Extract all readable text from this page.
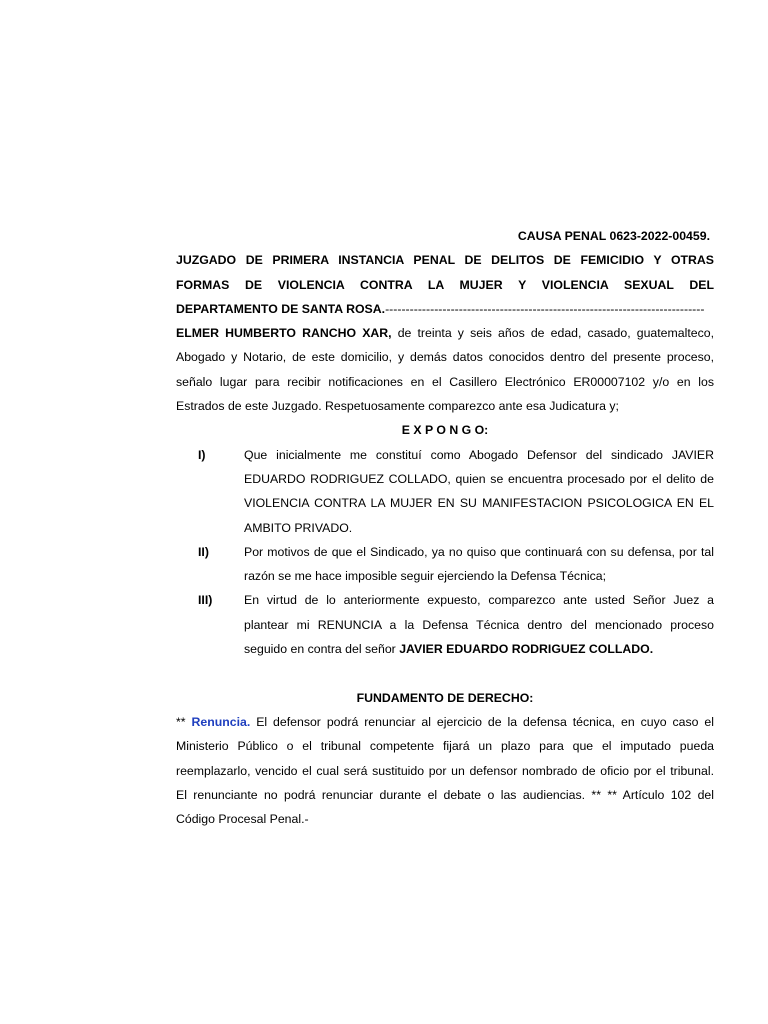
CAUSA PENAL 0623-2022-00459.
JUZGADO DE PRIMERA INSTANCIA PENAL DE DELITOS DE FEMICIDIO Y OTRAS
FORMAS DE VIOLENCIA CONTRA LA MUJER Y VIOLENCIA SEXUAL DEL
DEPARTAMENTO DE SANTA ROSA.------------------------------------------------------------------------------
ELMER HUMBERTO RANCHO XAR, de treinta y seis años de edad, casado, guatemalteco,
Abogado y Notario, de este domicilio, y demás datos conocidos dentro del presente proceso,
señalo lugar para recibir notificaciones en el Casillero Electrónico ER00007102 y/o en los
Estrados de este Juzgado. Respetuosamente comparezco ante esa Judicatura y;
E X P O N G O:
I)	Que inicialmente me constituí como Abogado Defensor del sindicado JAVIER
EDUARDO RODRIGUEZ COLLADO, quien se encuentra procesado por el delito de
VIOLENCIA CONTRA LA MUJER EN SU MANIFESTACION PSICOLOGICA EN EL
AMBITO PRIVADO.
II)	Por motivos de que el Sindicado, ya no quiso que continuará con su defensa, por tal
razón se me hace imposible seguir ejerciendo la Defensa Técnica;
III)	En virtud de lo anteriormente expuesto, comparezco ante usted Señor Juez a
plantear mi RENUNCIA a la Defensa Técnica dentro del mencionado proceso
seguido en contra del señor JAVIER EDUARDO RODRIGUEZ COLLADO.
FUNDAMENTO DE DERECHO:
** Renuncia. El defensor podrá renunciar al ejercicio de la defensa técnica, en cuyo caso el
Ministerio Público o el tribunal competente fijará un plazo para que el imputado pueda
reemplazarlo, vencido el cual será sustituido por un defensor nombrado de oficio por el tribunal.
El renunciante no podrá renunciar durante el debate o las audiencias. ** ** Artículo 102 del
Código Procesal Penal.-
